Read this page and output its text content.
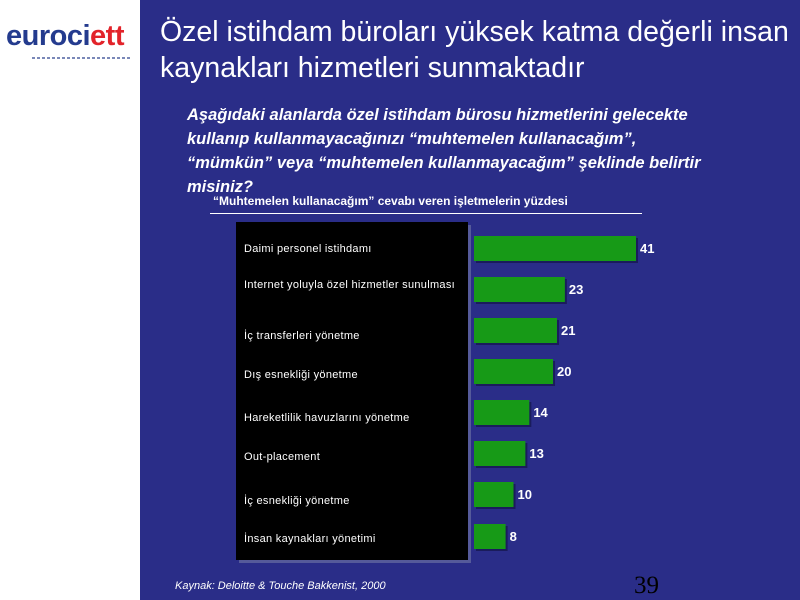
eurociett Özel istihdam büroları yüksek katma değerli insan kaynakları hizmetleri sunmaktadır
Aşağıdaki alanlarda özel istihdam bürosu hizmetlerini gelecekte kullanıp kullanmayacağınızı “muhtemelen kullanacağım”, “mümkün” veya “muhtemelen kullanmayacağım” şeklinde belirtir misiniz?
“Muhtemelen kullanacağım” cevabı veren işletmelerin yüzdesi
Daimi personel istihdamı
Internet yoluyla özel hizmetler sunulması
İç transferleri yönetme
Dış esnekliği yönetme
Hareketlilik havuzlarını yönetme
Out-placement
İç esnekliği yönetme
İnsan kaynakları yönetimi
41
23
21
20
14
13
10
8
Kaynak: Deloitte & Touche Bakkenist, 2000	39
